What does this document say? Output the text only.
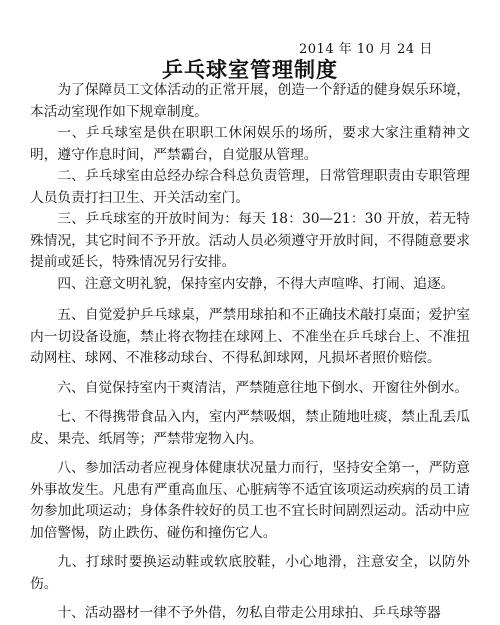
2014 年 10 月 24 日
乒乓球室管理制度

为了保障员工文体活动的正常开展，创造一个舒适的健身娱乐环境，本活动室现作如下规章制度。

一、乒乓球室是供在职职工休闲娱乐的场所，要求大家注重精神文明，遵守作息时间，严禁霸台，自觉服从管理。

二、乒乓球室由总经办综合科总负责管理，日常管理职责由专职管理人员负责打扫卫生、开关活动室门。

三、乒乓球室的开放时间为：每天 18：30—21：30 开放，若无特殊情况，其它时间不予开放。活动人员必须遵守开放时间，不得随意要求提前或延长，特殊情况另行安排。

四、注意文明礼貌，保持室内安静，不得大声喧哗、打闹、追逐。

五、自觉爱护乒乓球桌，严禁用球拍和不正确技术敲打桌面；爱护室内一切设备设施，禁止将衣物挂在球网上、不准坐在乒乓球台上、不准扭动网柱、球网、不准移动球台、不得私卸球网，凡损坏者照价赔偿。

六、自觉保持室内干爽清洁，严禁随意往地下倒水、开窗往外倒水。

七、不得携带食品入内，室内严禁吸烟，禁止随地吐痰，禁止乱丢瓜皮、果壳、纸屑等；严禁带宠物入内。

八、参加活动者应视身体健康状况量力而行，坚持安全第一，严防意外事故发生。凡患有严重高血压、心脏病等不适宜该项运动疾病的员工请勿参加此项运动；身体条件较好的员工也不宜长时间剧烈运动。活动中应加倍警惕，防止跌伤、碰伤和撞伤它人。

九、打球时要换运动鞋或软底胶鞋，小心地滑，注意安全，以防外伤。

十、活动器材一律不予外借，勿私自带走公用球拍、乒乓球等器
